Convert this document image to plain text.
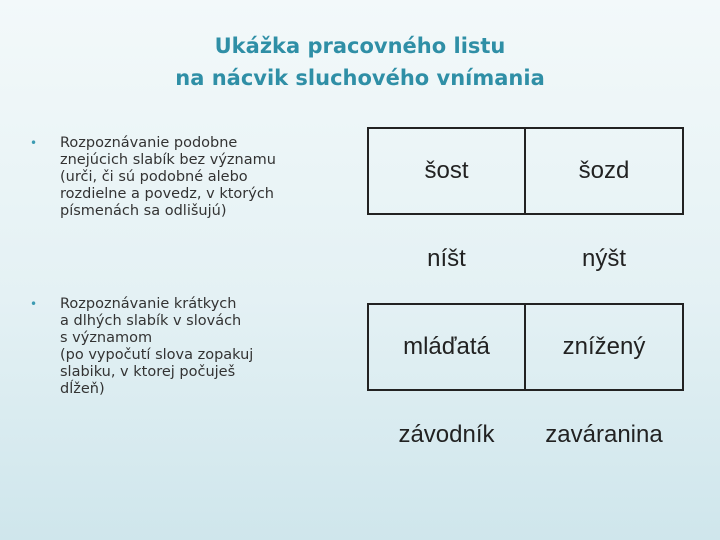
Ukážka pracovného listu
na nácvik sluchového vnímania
• Rozpoznávanie podobne
znejúcich slabík bez významu
(urči, či sú podobné alebo
rozdielne a povedz, v ktorých
písmenách sa odlišujú)
• Rozpoznávanie krátkych
a dlhých slabík v slovách
s významom
(po vypočutí slova zopakuj
slabiku, v ktorej počuješ
dĺžeň)
šost	šozd
níšt	nýšt
mláďatá	znížený
závodník	zaváranina
